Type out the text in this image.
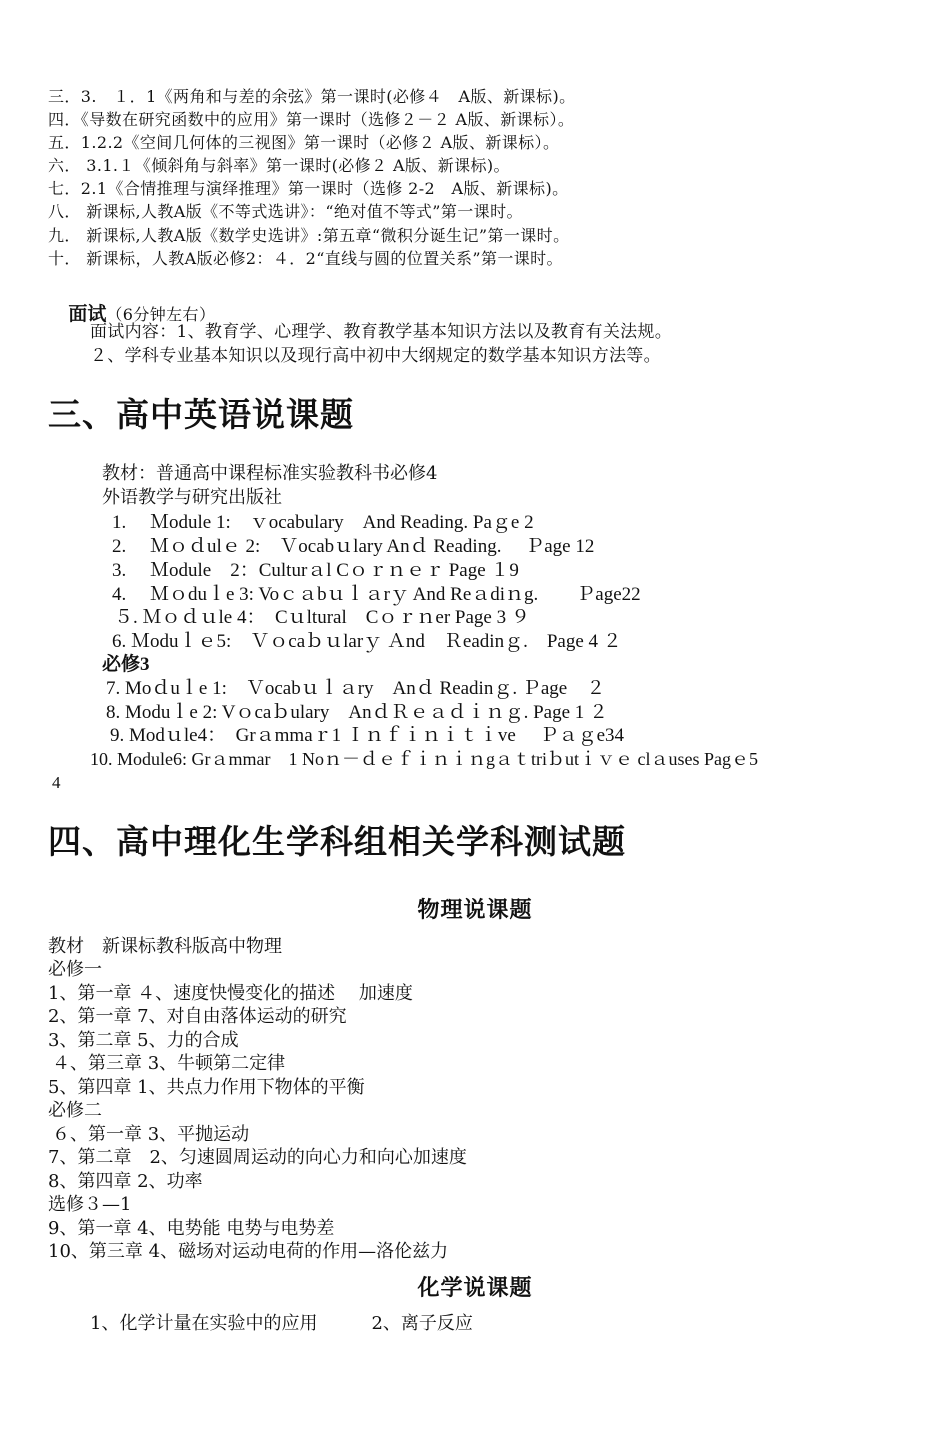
三．3.　１．1《两角和与差的余弦》第一课时(必修４　A版、新课标)。
四．《导数在研究函数中的应用》第一课时（选修２－２ A版、新课标）。
五．1.2.2《空间几何体的三视图》第一课时（必修２ A版、新课标）。
六． 3.1.１《倾斜角与斜率》第一课时(必修２ A版、新课标)。
七．2.1《合情推理与演绎推理》第一课时（选修 2-2　A版、新课标)。
八． 新课标,人教A版《不等式选讲》：“绝对值不等式”第一课时。
九． 新课标,人教A版《数学史选讲》:第五章“微积分诞生记”第一课时。
十． 新课标，人教A版必修2：４．2“直线与圆的位置关系”第一课时。

面试（6分钟左右）

面试内容：1、教育学、心理学、教育教学基本知识方法以及教育有关法规。
２、学科专业基本知识以及现行高中初中大纲规定的数学基本知识方法等。
三、高中英语说课题
教材：普通高中课程标准实验教科书必修4
外语教学与研究出版社
1.　 Ｍodule 1:　ｖocabulary　And Reading. Paｇe 2
2.　 Ｍｏｄulｅ 2:　Ｖocabｕlary Anｄ Reading.　 Ｐage 12
3.　 Ｍodule　2：Culturａl Cｏｒｎｅｒ Page １9
4.　 Ｍｏduｌe 3: Voｃａbｕｌａrｙ And Reａdiｎg.　　Ｐage22
５. Ｍｏｄｕle 4：  Cｕltural　Cｏｒｎer Page 3 ９
6. Ｍoduｌｅ5:　Ｖｏcaｂｕlarｙ Ａnd　Ｒeadinｇ.　Page 4 ２
必修3
7. Moｄuｌe 1:　Ｖocabｕｌａry　Anｄ Readinｇ. Ｐage　２
8. Moduｌe 2: Vｏcaｂulary　AnｄＲｅａｄｉｎｇ. Page 1 ２
9. Modｕle4：  Grａmmaｒ1 Ｉｎｆｉｎｉｔｉve　 Ｐａｇe34
10. Module6: Grａmmar　1 Noｎ－ｄｅｆｉｎｉｎgａｔtriｂutｉｖｅ clａuses Pagｅ5
4
四、高中理化生学科组相关学科测试题
物理说课题
教材　新课标教科版高中物理
必修一
1、第一章 ４、速度快慢变化的描述　 加速度
2、第一章 7、对自由落体运动的研究
3、第二章 5、力的合成
４、第三章 3、牛顿第二定律
5、第四章 1、共点力作用下物体的平衡
必修二
６、第一章 3、平抛运动
7、第二章　2、匀速圆周运动的向心力和向心加速度
8、第四章 2、功率
选修３—1
9、第一章 4、电势能 电势与电势差
10、第三章 4、磁场对运动电荷的作用—洛伦兹力
化学说课题
1、化学计量在实验中的应用　　　2、离子反应
